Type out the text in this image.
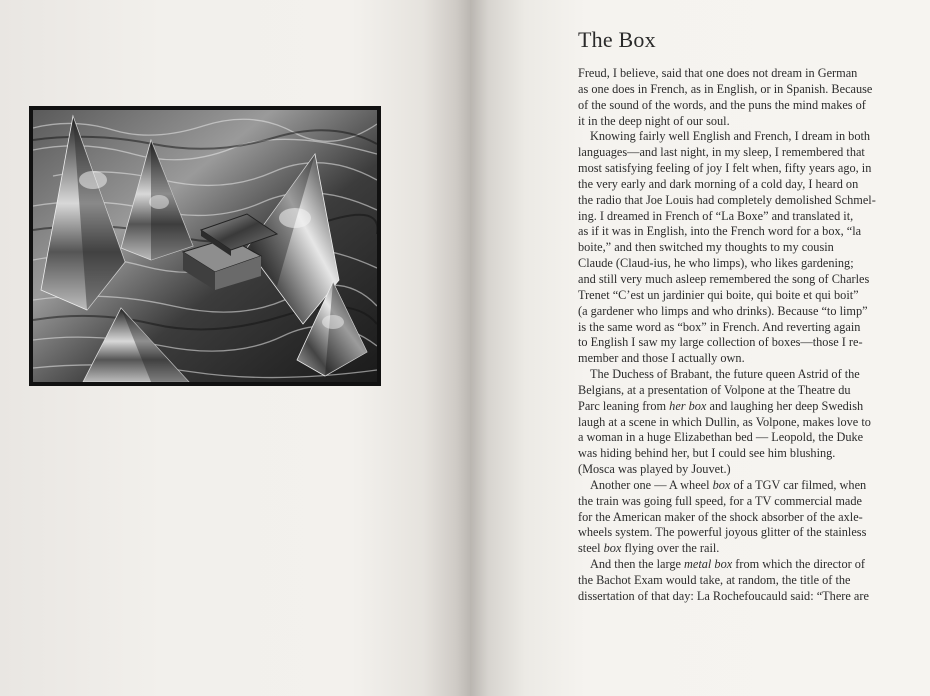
The Box
Freud, I believe, said that one does not dream in German
as one does in French, as in English, or in Spanish. Because
of the sound of the words, and the puns the mind makes of
it in the deep night of our soul.
Knowing fairly well English and French, I dream in both
languages—and last night, in my sleep, I remembered that
most satisfying feeling of joy I felt when, fifty years ago, in
the very early and dark morning of a cold day, I heard on
the radio that Joe Louis had completely demolished Schmel-
ing. I dreamed in French of “La Boxe” and translated it,
as if it was in English, into the French word for a box, “la
boite,” and then switched my thoughts to my cousin
Claude (Claud-ius, he who limps), who likes gardening;
and still very much asleep remembered the song of Charles
Trenet “C’est un jardinier qui boite, qui boite et qui boit”
(a gardener who limps and who drinks). Because “to limp”
is the same word as “box” in French. And reverting again
to English I saw my large collection of boxes—those I re-
member and those I actually own.
The Duchess of Brabant, the future queen Astrid of the
Belgians, at a presentation of Volpone at the Theatre du
Parc leaning from her box and laughing her deep Swedish
laugh at a scene in which Dullin, as Volpone, makes love to
a woman in a huge Elizabethan bed — Leopold, the Duke
was hiding behind her, but I could see him blushing.
(Mosca was played by Jouvet.)
Another one — A wheel box of a TGV car filmed, when
the train was going full speed, for a TV commercial made
for the American maker of the shock absorber of the axle-
wheels system. The powerful joyous glitter of the stainless
steel box flying over the rail.
And then the large metal box from which the director of
the Bachot Exam would take, at random, the title of the
dissertation of that day: La Rochefoucauld said: “There are
